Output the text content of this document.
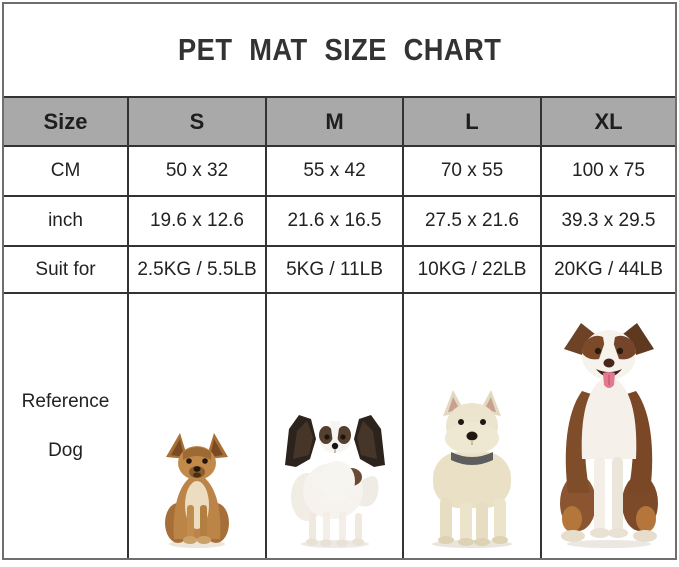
PET MAT SIZE CHART
Size	S	M	L	XL
CM	50 x 32	55 x 42	70 x 55	100 x 75
inch	19.6 x 12.6	21.6 x 16.5	27.5 x 21.6	39.3 x 29.5
Suit for	2.5KG / 5.5LB	5KG / 11LB	10KG / 22LB	20KG / 44LB

Reference
Dog
